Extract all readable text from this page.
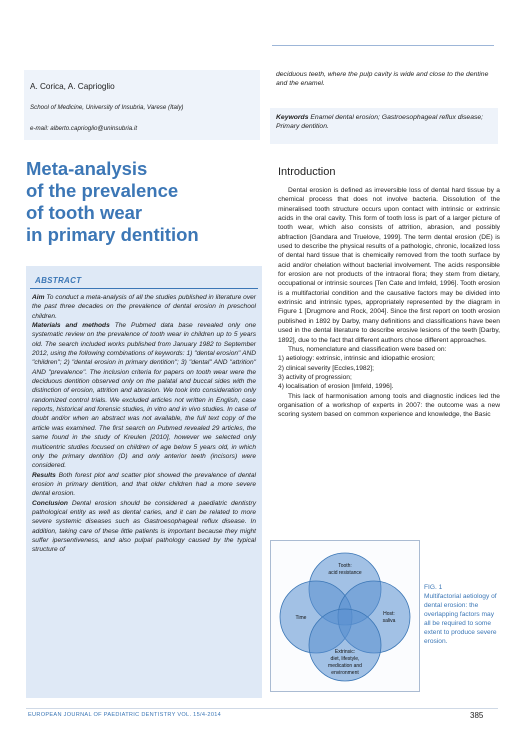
A. Corica, A. Caprioglio
School of Medicine, University of Insubria, Varese (Italy)
e-mail: alberto.caprioglio@uninsubria.it
deciduous teeth, where the pulp cavity is wide and close to the dentine and the enamel.
Keywords Enamel dental erosion; Gastroesophageal reflux disease; Primary dentition.
Meta-analysis
of the prevalence
of tooth wear
in primary dentition
ABSTRACT

Aim To conduct a meta-analysis of all the studies published in literature over the past three decades on the prevalence of dental erosion in preschool children.

Materials and methods The Pubmed data base revealed only one systematic review on the prevalence of tooth wear in children up to 5 years old. The search included works published from January 1982 to September 2012, using the following combinations of keywords: 1) "dental erosion" AND "children"; 2) "dental erosion in primary dentition"; 3) "dental" AND "attrition" AND "prevalence". The inclusion criteria for papers on tooth wear were the deciduous dentition observed only on the palatal and buccal sides with the distinction of erosion, attrition and abrasion. We took into consideration only randomized control trials. We excluded articles not written in English, case reports, historical and forensic studies, in vitro and in vivo studies. In case of doubt and/or when an abstract was not available, the full text copy of the article was examined. The first search on Pubmed revealed 29 articles, the same found in the study of Kreulen [2010], however we selected only multicentric studies focused on children of age below 5 years old, in which only the primary dentition (D) and only anterior teeth (incisors) were considered.

Results Both forest plot and scatter plot showed the prevalence of dental erosion in primary dentition, and that older children had a more severe dental erosion.

Conclusion Dental erosion should be considered a paediatric dentistry pathological entity as well as dental caries, and it can be related to more severe systemic diseases such as Gastroesophageal reflux disease. In addition, taking care of these little patients is important because they might suffer ipersentiveness, and also pulpal pathology caused by the typical structure of

Introduction

Dental erosion is defined as irreversible loss of dental hard tissue by a chemical process that does not involve bacteria. Dissolution of the mineralised tooth structure occurs upon contact with intrinsic or extrinsic acids in the oral cavity. This form of tooth loss is part of a larger picture of tooth wear, which also consists of attrition, abrasion, and possibly abfraction [Gandara and Truelove, 1999]. The term dental erosion (DE) is used to describe the physical results of a pathologic, chronic, localized loss of dental hard tissue that is chemically removed from the tooth surface by acid and/or chelation without bacterial involvement. The acids responsible for erosion are not products of the intraoral flora; they stem from dietary, occupational or intrinsic sources [Ten Cate and Imfeld, 1996]. Tooth erosion is a multifactorial condition and the causative factors may be divided into extrinsic and intrinsic types, appropriately represented by the diagram in Figure 1 [Drugmore and Rock, 2004]. Since the first report on tooth erosion published in 1892 by Darby, many definitions and classifications have been used in the dental literature to describe erosive lesions of the teeth [Darby, 1892], due to the fact that different authors chose different approaches.

Thus, nomenclature and classification were based on:

1) aetiology: extrinsic, intrinsic and idiopathic erosion;

2) clinical severity [Eccles,1982];

3) activity of progression;

4) localisation of erosion [Imfeld, 1996].

This lack of harmonisation among tools and diagnostic indices led the organisation of a workshop of experts in 2007: the outcome was a new scoring system based on common experience and knowledge, the Basic

Tooth:
acid resistance
Time
Host:
saliva
Extrinsic:
diet, lifestyle,
medication and
environment
FIG. 1
Multifactorial aetiology of dental erosion: the overlapping factors may all be required to some extent to produce severe erosion.
EUROPEAN JOURNAL OF PAEDIATRIC DENTISTRY VOL. 15/4-2014	385
